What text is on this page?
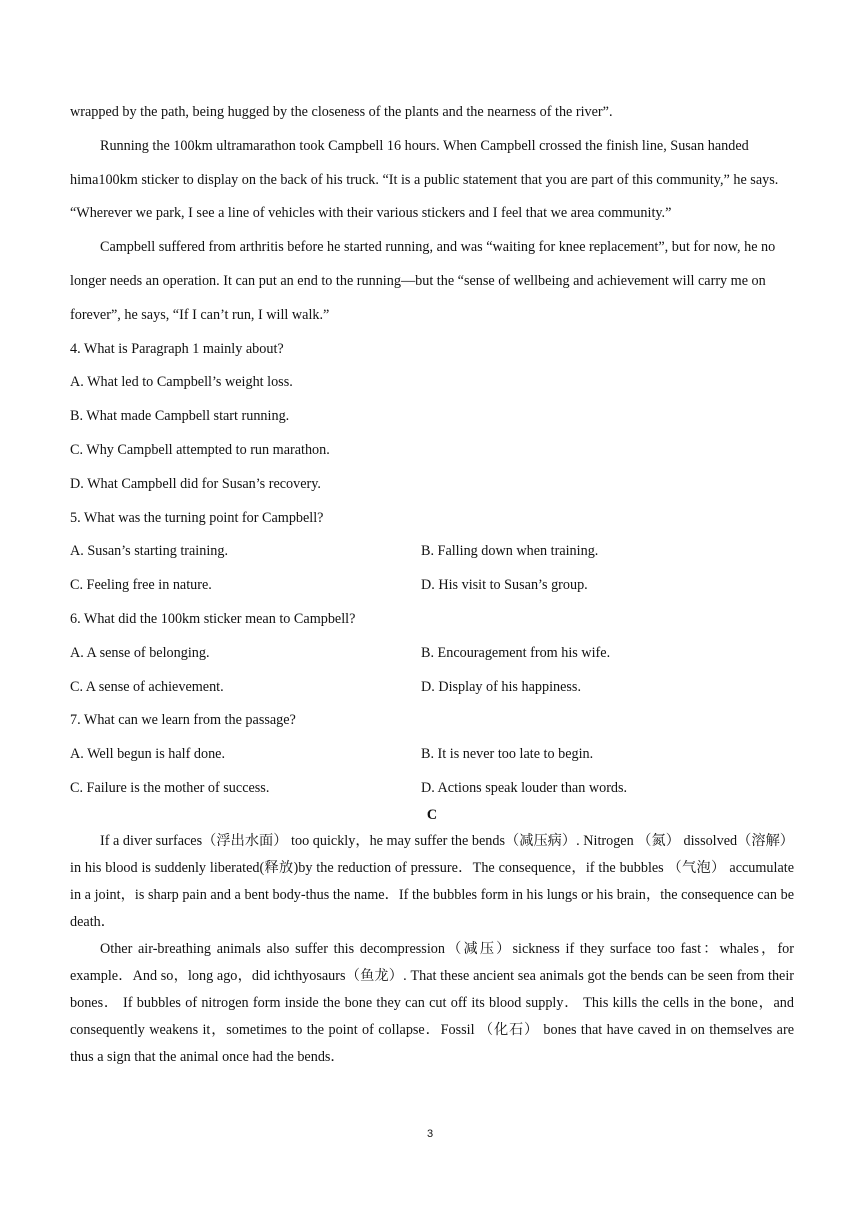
wrapped by the path, being hugged by the closeness of the plants and the nearness of the river”.

Running the 100km ultramarathon took Campbell 16 hours. When Campbell crossed the finish line, Susan handed hima100km sticker to display on the back of his truck. “It is a public statement that you are part of this community,” he says. “Wherever we park, I see a line of vehicles with their various stickers and I feel that we area community.”

Campbell suffered from arthritis before he started running, and was “waiting for knee replacement”, but for now, he no longer needs an operation. It can put an end to the running—but the “sense of wellbeing and achievement will carry me on forever”, he says, “If I can’t run, I will walk.”

4. What is Paragraph 1 mainly about?

A. What led to Campbell’s weight loss.

B. What made Campbell start running.

C. Why Campbell attempted to run marathon.

D. What Campbell did for Susan’s recovery.

5. What was the turning point for Campbell?

A. Susan’s starting training.	B. Falling down when training.
C. Feeling free in nature.	D. His visit to Susan’s group.

6. What did the 100km sticker mean to Campbell?

A. A sense of belonging.	B. Encouragement from his wife.
C. A sense of achievement.	D. Display of his happiness.

7. What can we learn from the passage?

A. Well begun is half done.	B. It is never too late to begin.
C. Failure is the mother of success.	D. Actions speak louder than words.
C

If a diver surfaces（浮出水面） too quickly，he may suffer the bends（减压病）. Nitrogen （氮） dissolved（溶解）in his blood is suddenly liberated(释放)by the reduction of pressure．The consequence，if the bubbles （气泡） accumulate in a joint，is sharp pain and a bent body-thus the name．If the bubbles form in his lungs or his brain，the consequence can be death．

Other air-breathing animals also suffer this decompression（减压）sickness if they surface too fast：whales，for example．And so，long ago，did ichthyosaurs（鱼龙）. That these ancient sea animals got the bends can be seen from their bones． If bubbles of nitrogen form inside the bone they can cut off its blood supply． This kills the cells in the bone，and consequently weakens it，sometimes to the point of collapse．Fossil （化石） bones that have caved in on themselves are thus a sign that the animal once had the bends．

3
